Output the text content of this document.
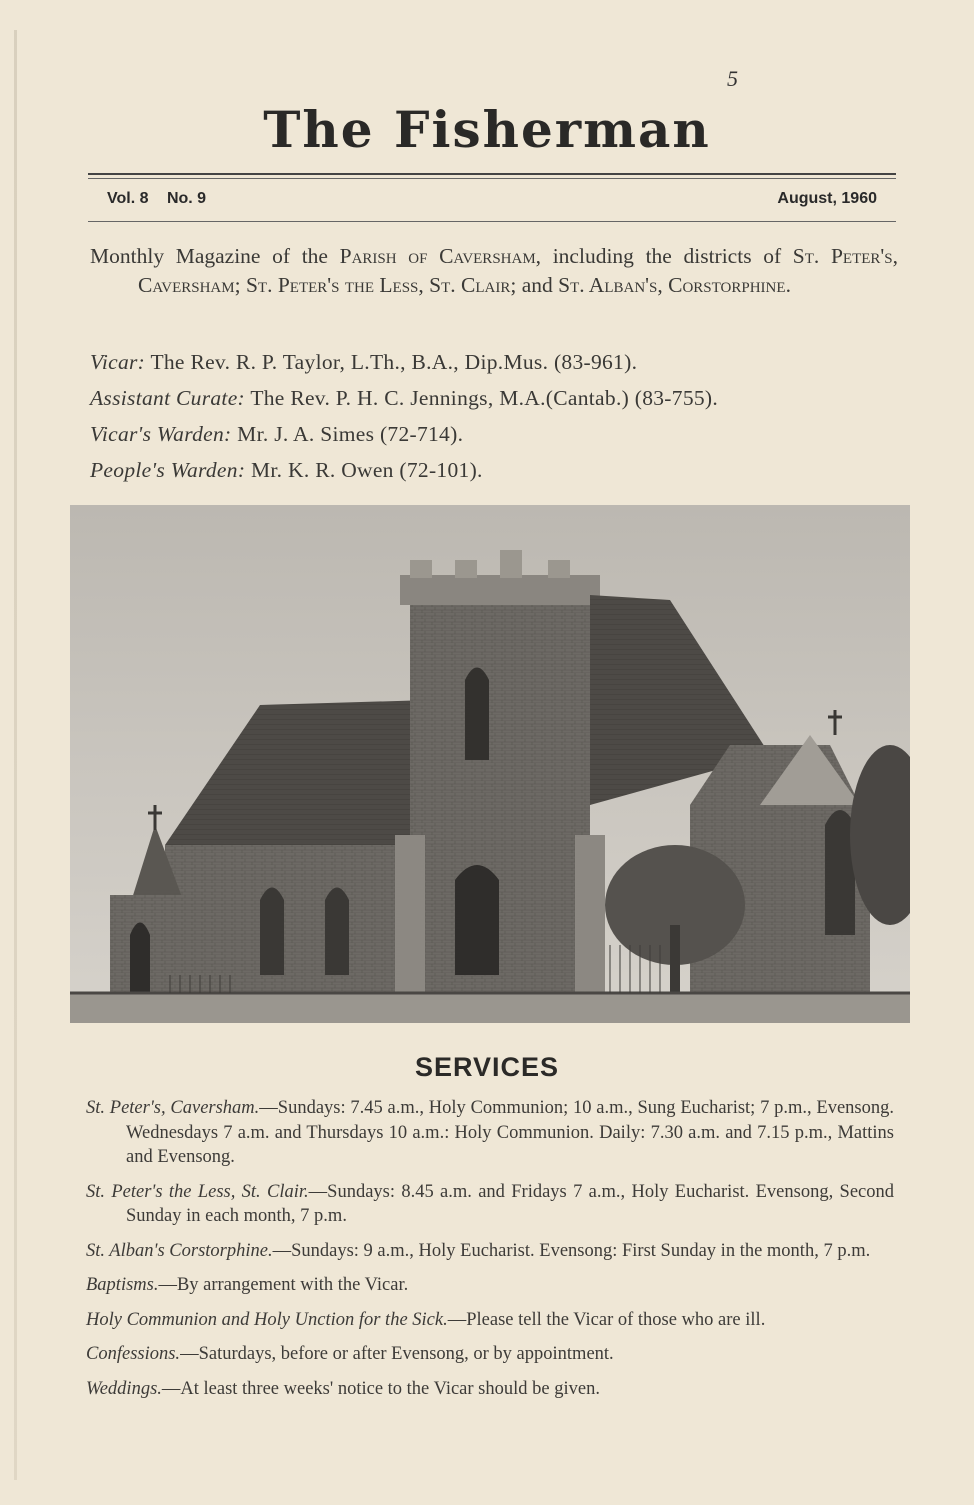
5
The Fisherman
Vol. 8 No. 9	August, 1960
Monthly Magazine of the Parish of Caversham, including the districts of St. Peter's, Caversham; St. Peter's the Less, St. Clair; and St. Alban's, Corstorphine.
Vicar: The Rev. R. P. Taylor, L.Th., B.A., Dip.Mus. (83-961).
Assistant Curate: The Rev. P. H. C. Jennings, M.A.(Cantab.) (83-755).
Vicar's Warden: Mr. J. A. Simes (72-714).
People's Warden: Mr. K. R. Owen (72-101).
SERVICES
St. Peter's, Caversham.—Sundays: 7.45 a.m., Holy Communion; 10 a.m., Sung Eucharist; 7 p.m., Evensong. Wednesdays 7 a.m. and Thursdays 10 a.m.: Holy Communion. Daily: 7.30 a.m. and 7.15 p.m., Mattins and Evensong.
St. Peter's the Less, St. Clair.—Sundays: 8.45 a.m. and Fridays 7 a.m., Holy Eucharist. Evensong, Second Sunday in each month, 7 p.m.
St. Alban's Corstorphine.—Sundays: 9 a.m., Holy Eucharist. Evensong: First Sunday in the month, 7 p.m.
Baptisms.—By arrangement with the Vicar.
Holy Communion and Holy Unction for the Sick.—Please tell the Vicar of those who are ill.
Confessions.—Saturdays, before or after Evensong, or by appointment.
Weddings.—At least three weeks' notice to the Vicar should be given.
